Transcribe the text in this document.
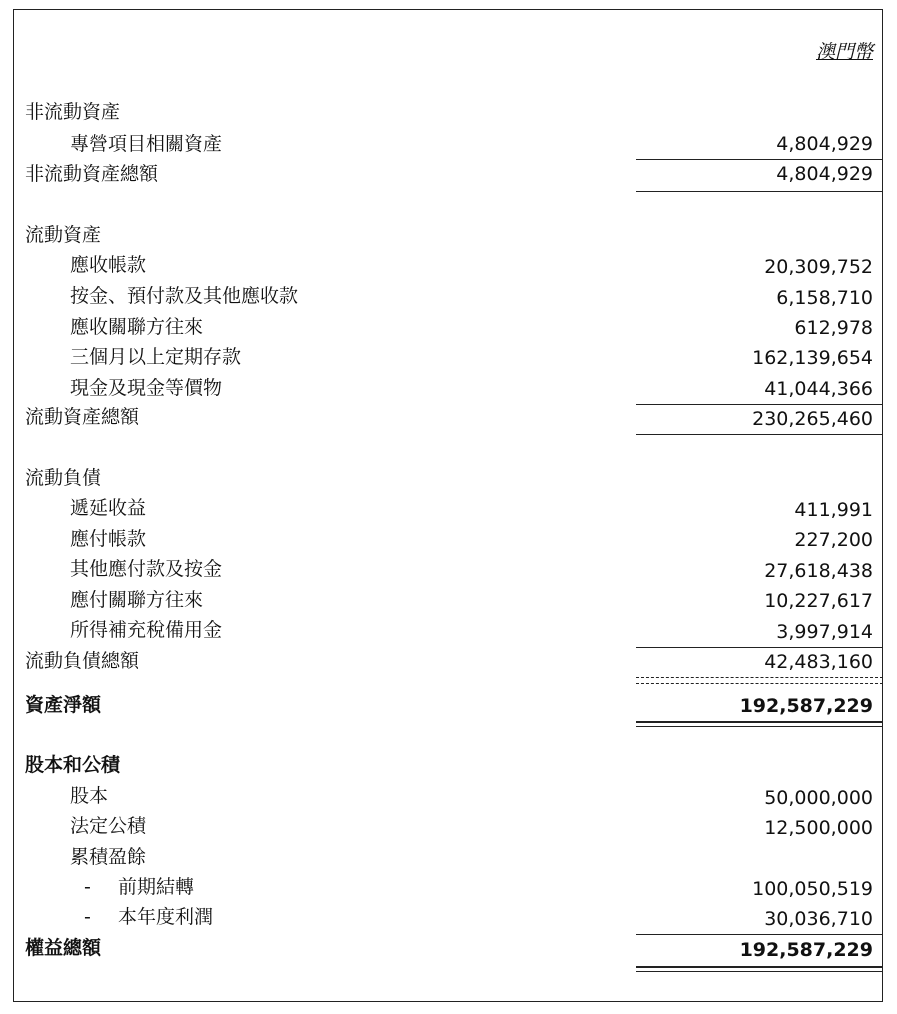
澳門幣
非流動資產
專營項目相關資產	4,804,929
非流動資產總額	4,804,929
流動資產
應收帳款	20,309,752
按金、預付款及其他應收款	6,158,710
應收關聯方往來	612,978
三個月以上定期存款	162,139,654
現金及現金等價物	41,044,366
流動資產總額	230,265,460
流動負債
遞延收益	411,991
應付帳款	227,200
其他應付款及按金	27,618,438
應付關聯方往來	10,227,617
所得補充稅備用金	3,997,914
流動負債總額	42,483,160
資產淨額	192,587,229
股本和公積
股本	50,000,000
法定公積	12,500,000
累積盈餘
- 前期結轉	100,050,519
- 本年度利潤	30,036,710
權益總額	192,587,229
